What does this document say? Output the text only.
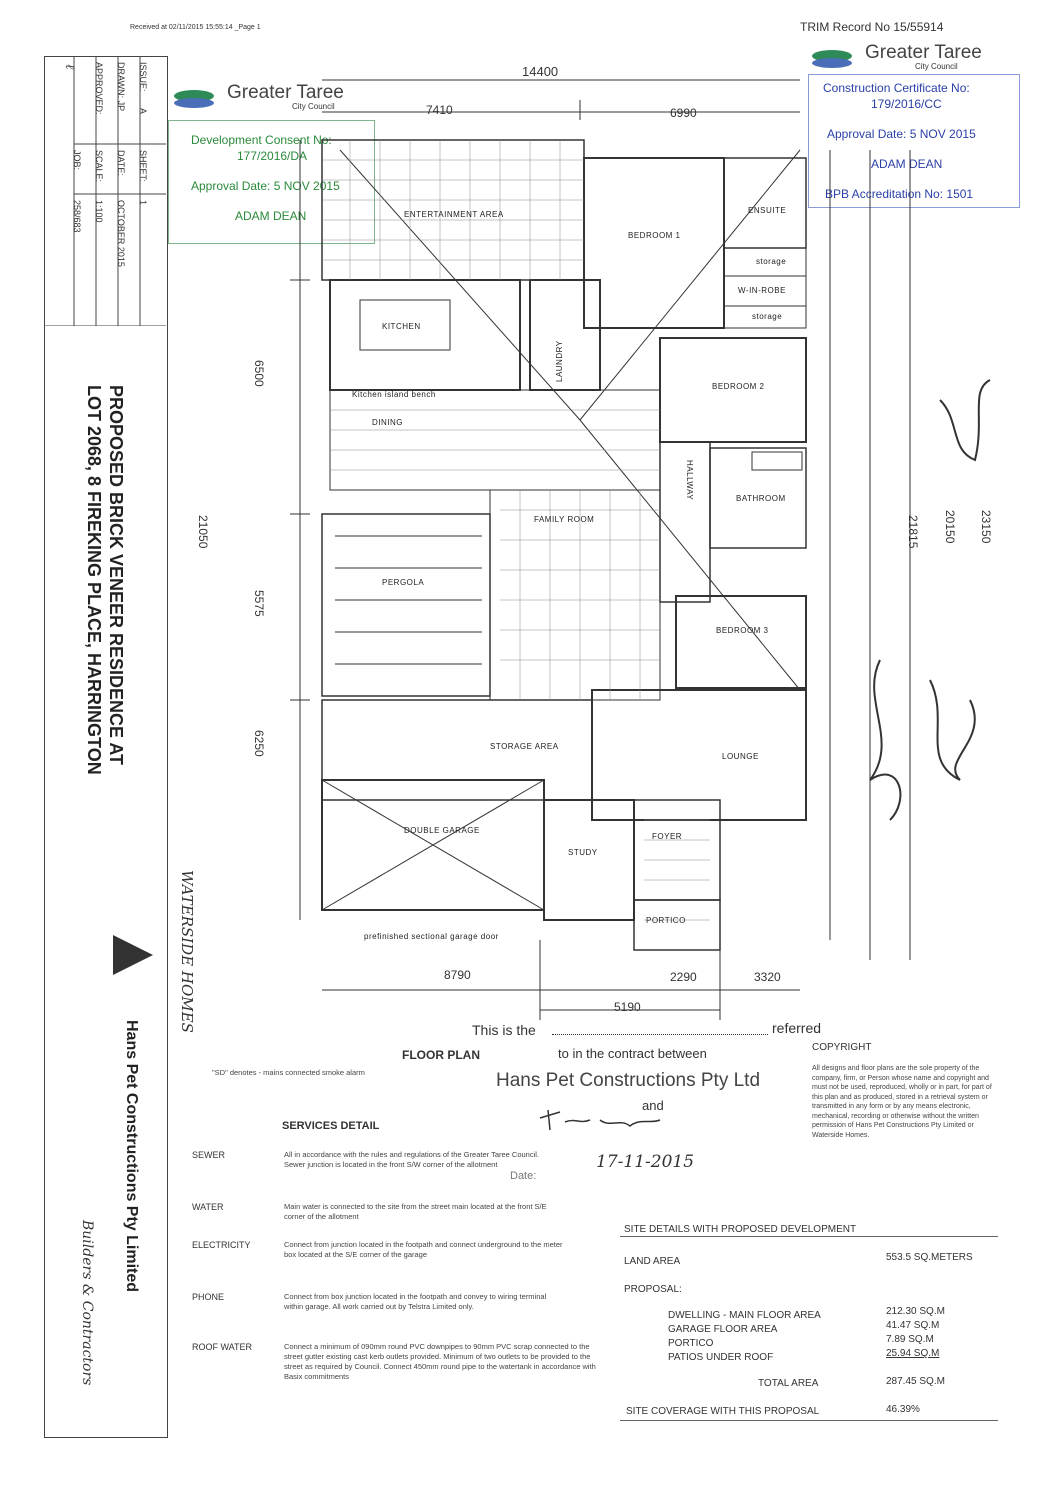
Received at 02/11/2015 15:55:14 _Page 1	TRIM Record No 15/55914
Greater Taree
City Council
Greater Taree
City Council
Development Consent No:
177/2016/DA
Approval Date: 5 NOV 2015
ADAM DEAN
Construction Certificate No:
179/2016/CC
Approval Date: 5 NOV 2015
ADAM DEAN
BPB Accreditation No: 1501
ISSUE:
A
SHEET:
1
DRAWN: JP
DATE:
OCTOBER 2015
APPROVED:
SCALE:
1:100
JOB:
258/683
ℓ
PROPOSED BRICK VENEER RESIDENCE AT
LOT 2068, 8 FIREKING PLACE, HARRINGTON
Hans Pet Constructions Pty Limited
Builders & Contractors
WATERSIDE HOMES
ENTERTAINMENT AREA
BEDROOM 1
ENSUITE
storage
W-IN-ROBE
storage
KITCHEN
Kitchen island bench
DINING
LAUNDRY
BEDROOM 2
HALLWAY	BATHROOM
FAMILY ROOM
PERGOLA
BEDROOM 3
STORAGE AREA
LOUNGE
DOUBLE GARAGE
STUDY
FOYER
PORTICO
prefinished sectional garage door
FLOOR PLAN
14400
7410	6990
6500
5575
6250
21050	21815 20150 23150
8790	2290	3320
5190
This is the	referred
to in the contract between
Hans Pet Constructions Pty Ltd
and
Date:
17-11-2015
COPYRIGHT
All designs and floor plans are the sole property of the company, firm, or Person whose name and copyright and must not be used, reproduced, wholly or in part, for part of this plan and as produced, stored in a retrieval system or transmitted in any form or by any means electronic, mechanical, recording or otherwise without the written permission of Hans Pet Constructions Pty Limited or Waterside Homes.
"SD" denotes - mains connected smoke alarm
SERVICES DETAIL
SEWER	All in accordance with the rules and regulations of the Greater Taree Council. Sewer junction is located in the front S/W corner of the allotment
WATER	Main water is connected to the site from the street main located at the front S/E corner of the allotment
ELECTRICITY	Connect from junction located in the footpath and connect underground to the meter box located at the S/E corner of the garage
PHONE	Connect from box junction located in the footpath and convey to wiring terminal within garage. All work carried out by Telstra Limited only.
ROOF WATER	Connect a minimum of 090mm round PVC downpipes to 90mm PVC scrap connected to the street gutter existing cast kerb outlets provided. Minimum of two outlets to be provided to the street as required by Council. Connect 450mm round pipe to the watertank in accordance with Basix commitments
SITE DETAILS WITH PROPOSED DEVELOPMENT
LAND AREA	553.5 SQ.METERS
PROPOSAL:
DWELLING - MAIN FLOOR AREA	212.30 SQ.M
GARAGE FLOOR AREA	41.47 SQ.M
PORTICO	7.89 SQ.M
PATIOS UNDER ROOF	25.94 SQ.M
TOTAL AREA	287.45 SQ.M
SITE COVERAGE WITH THIS PROPOSAL	46.39%
